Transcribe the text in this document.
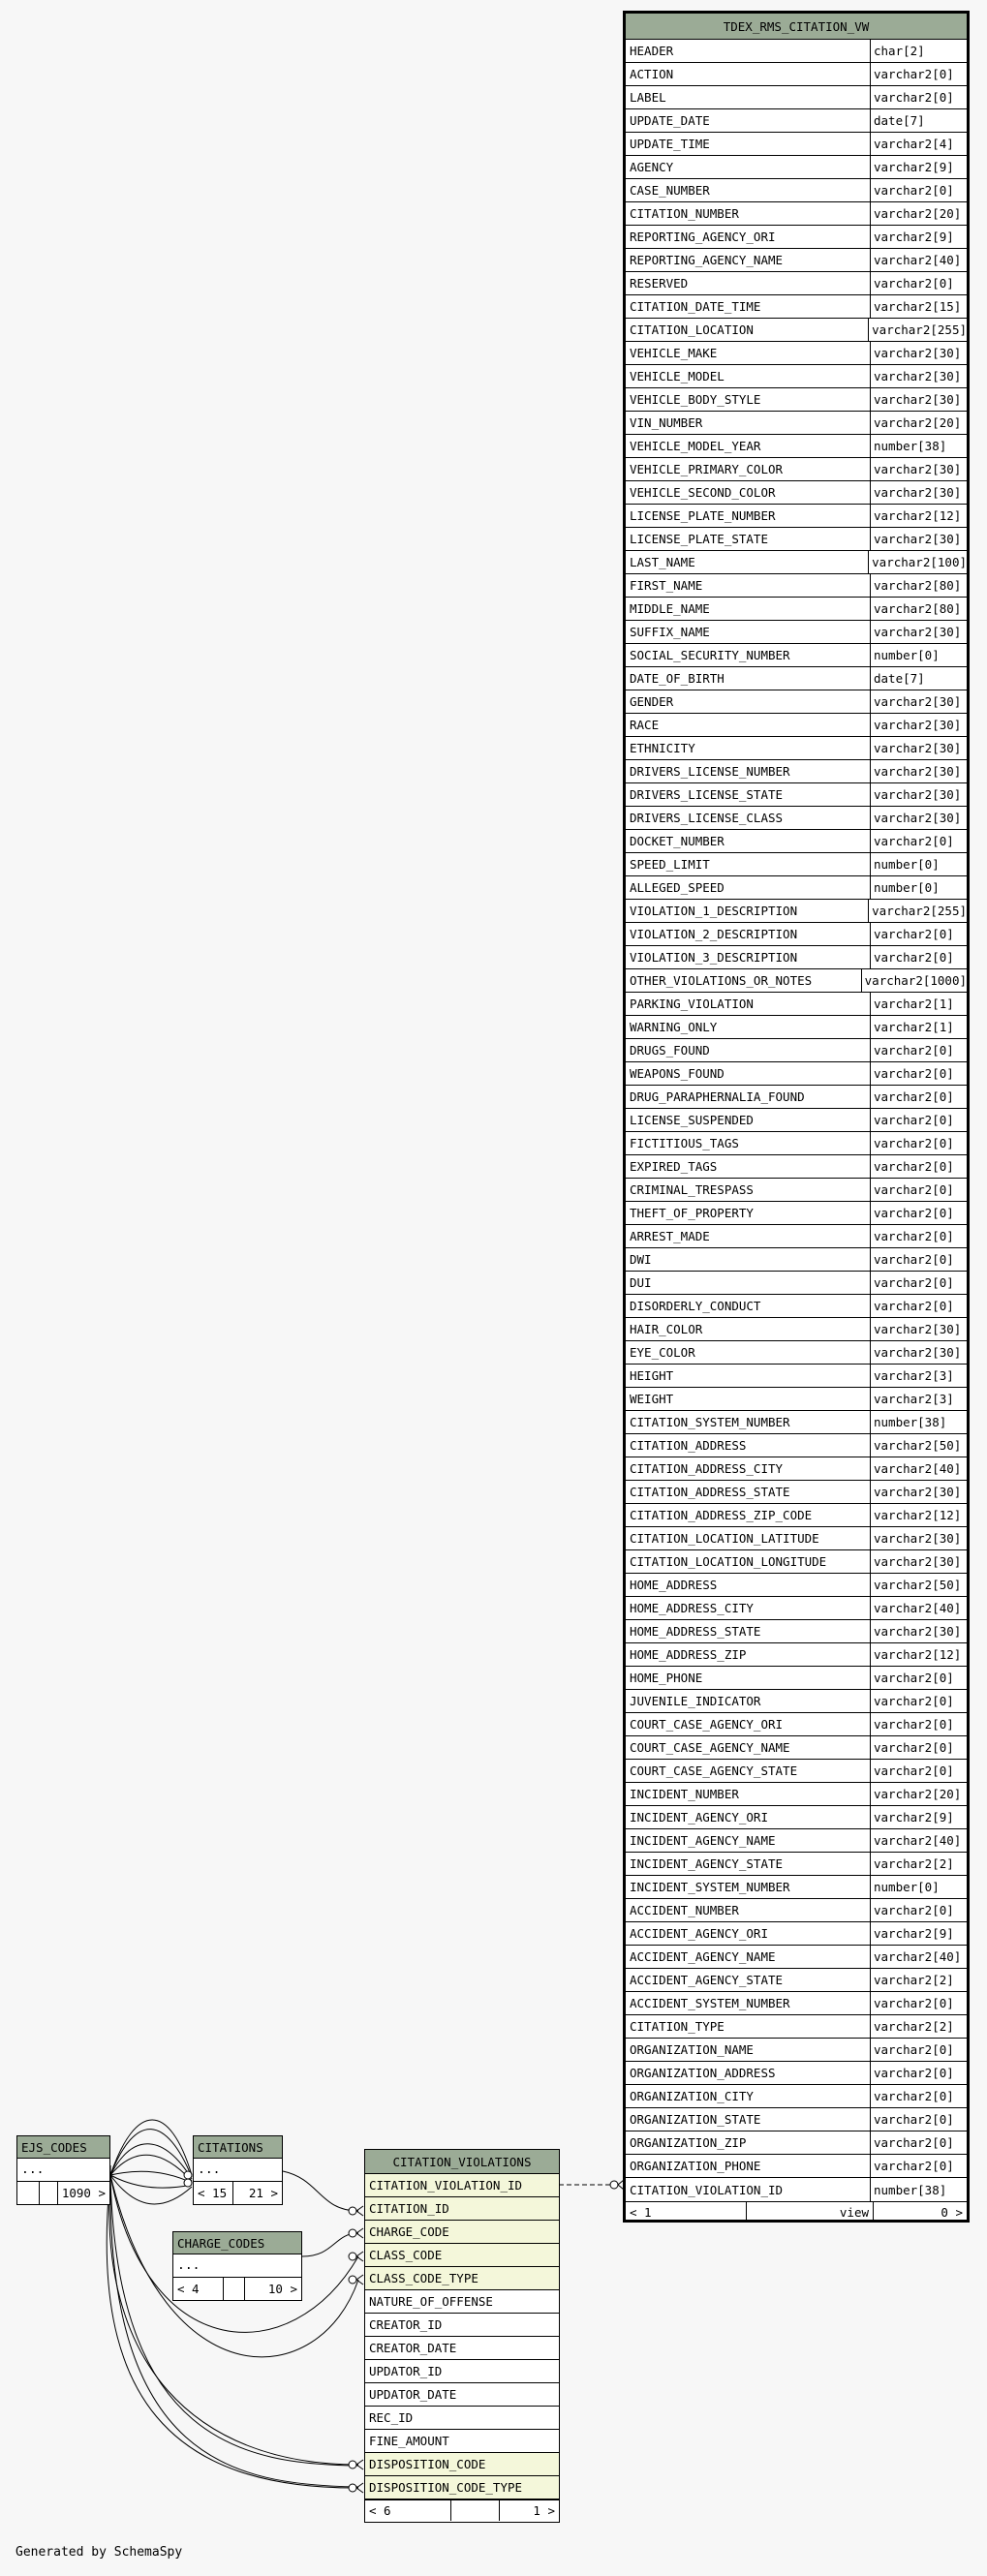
TDEX_RMS_CITATION_VW
HEADER	char[2]
ACTION	varchar2[0]
LABEL	varchar2[0]
UPDATE_DATE	date[7]
UPDATE_TIME	varchar2[4]
AGENCY	varchar2[9]
CASE_NUMBER	varchar2[0]
CITATION_NUMBER	varchar2[20]
REPORTING_AGENCY_ORI	varchar2[9]
REPORTING_AGENCY_NAME	varchar2[40]
RESERVED	varchar2[0]
CITATION_DATE_TIME	varchar2[15]
CITATION_LOCATION	varchar2[255]
VEHICLE_MAKE	varchar2[30]
VEHICLE_MODEL	varchar2[30]
VEHICLE_BODY_STYLE	varchar2[30]
VIN_NUMBER	varchar2[20]
VEHICLE_MODEL_YEAR	number[38]
VEHICLE_PRIMARY_COLOR	varchar2[30]
VEHICLE_SECOND_COLOR	varchar2[30]
LICENSE_PLATE_NUMBER	varchar2[12]
LICENSE_PLATE_STATE	varchar2[30]
LAST_NAME	varchar2[100]
FIRST_NAME	varchar2[80]
MIDDLE_NAME	varchar2[80]
SUFFIX_NAME	varchar2[30]
SOCIAL_SECURITY_NUMBER	number[0]
DATE_OF_BIRTH	date[7]
GENDER	varchar2[30]
RACE	varchar2[30]
ETHNICITY	varchar2[30]
DRIVERS_LICENSE_NUMBER	varchar2[30]
DRIVERS_LICENSE_STATE	varchar2[30]
DRIVERS_LICENSE_CLASS	varchar2[30]
DOCKET_NUMBER	varchar2[0]
SPEED_LIMIT	number[0]
ALLEGED_SPEED	number[0]
VIOLATION_1_DESCRIPTION	varchar2[255]
VIOLATION_2_DESCRIPTION	varchar2[0]
VIOLATION_3_DESCRIPTION	varchar2[0]
OTHER_VIOLATIONS_OR_NOTES	varchar2[1000]
PARKING_VIOLATION	varchar2[1]
WARNING_ONLY	varchar2[1]
DRUGS_FOUND	varchar2[0]
WEAPONS_FOUND	varchar2[0]
DRUG_PARAPHERNALIA_FOUND	varchar2[0]
LICENSE_SUSPENDED	varchar2[0]
FICTITIOUS_TAGS	varchar2[0]
EXPIRED_TAGS	varchar2[0]
CRIMINAL_TRESPASS	varchar2[0]
THEFT_OF_PROPERTY	varchar2[0]
ARREST_MADE	varchar2[0]
DWI	varchar2[0]
DUI	varchar2[0]
DISORDERLY_CONDUCT	varchar2[0]
HAIR_COLOR	varchar2[30]
EYE_COLOR	varchar2[30]
HEIGHT	varchar2[3]
WEIGHT	varchar2[3]
CITATION_SYSTEM_NUMBER	number[38]
CITATION_ADDRESS	varchar2[50]
CITATION_ADDRESS_CITY	varchar2[40]
CITATION_ADDRESS_STATE	varchar2[30]
CITATION_ADDRESS_ZIP_CODE	varchar2[12]
CITATION_LOCATION_LATITUDE	varchar2[30]
CITATION_LOCATION_LONGITUDE	varchar2[30]
HOME_ADDRESS	varchar2[50]
HOME_ADDRESS_CITY	varchar2[40]
HOME_ADDRESS_STATE	varchar2[30]
HOME_ADDRESS_ZIP	varchar2[12]
HOME_PHONE	varchar2[0]
JUVENILE_INDICATOR	varchar2[0]
COURT_CASE_AGENCY_ORI	varchar2[0]
COURT_CASE_AGENCY_NAME	varchar2[0]
COURT_CASE_AGENCY_STATE	varchar2[0]
INCIDENT_NUMBER	varchar2[20]
INCIDENT_AGENCY_ORI	varchar2[9]
INCIDENT_AGENCY_NAME	varchar2[40]
INCIDENT_AGENCY_STATE	varchar2[2]
INCIDENT_SYSTEM_NUMBER	number[0]
ACCIDENT_NUMBER	varchar2[0]
ACCIDENT_AGENCY_ORI	varchar2[9]
ACCIDENT_AGENCY_NAME	varchar2[40]
ACCIDENT_AGENCY_STATE	varchar2[2]
ACCIDENT_SYSTEM_NUMBER	varchar2[0]
CITATION_TYPE	varchar2[2]
ORGANIZATION_NAME	varchar2[0]
ORGANIZATION_ADDRESS	varchar2[0]
ORGANIZATION_CITY	varchar2[0]
ORGANIZATION_STATE	varchar2[0]
ORGANIZATION_ZIP	varchar2[0]
ORGANIZATION_PHONE	varchar2[0]
CITATION_VIOLATION_ID	number[38]
< 1	view	0 >
CITATION_VIOLATIONS
CITATION_VIOLATION_ID
CITATION_ID
CHARGE_CODE
CLASS_CODE
CLASS_CODE_TYPE
NATURE_OF_OFFENSE
CREATOR_ID
CREATOR_DATE
UPDATOR_ID
UPDATOR_DATE
REC_ID
FINE_AMOUNT
DISPOSITION_CODE
DISPOSITION_CODE_TYPE
< 6	1 >
EJS_CODES
...
1090 >
CITATIONS
...
< 15	21 >
CHARGE_CODES
...
< 4	10 >
Generated by SchemaSpy
